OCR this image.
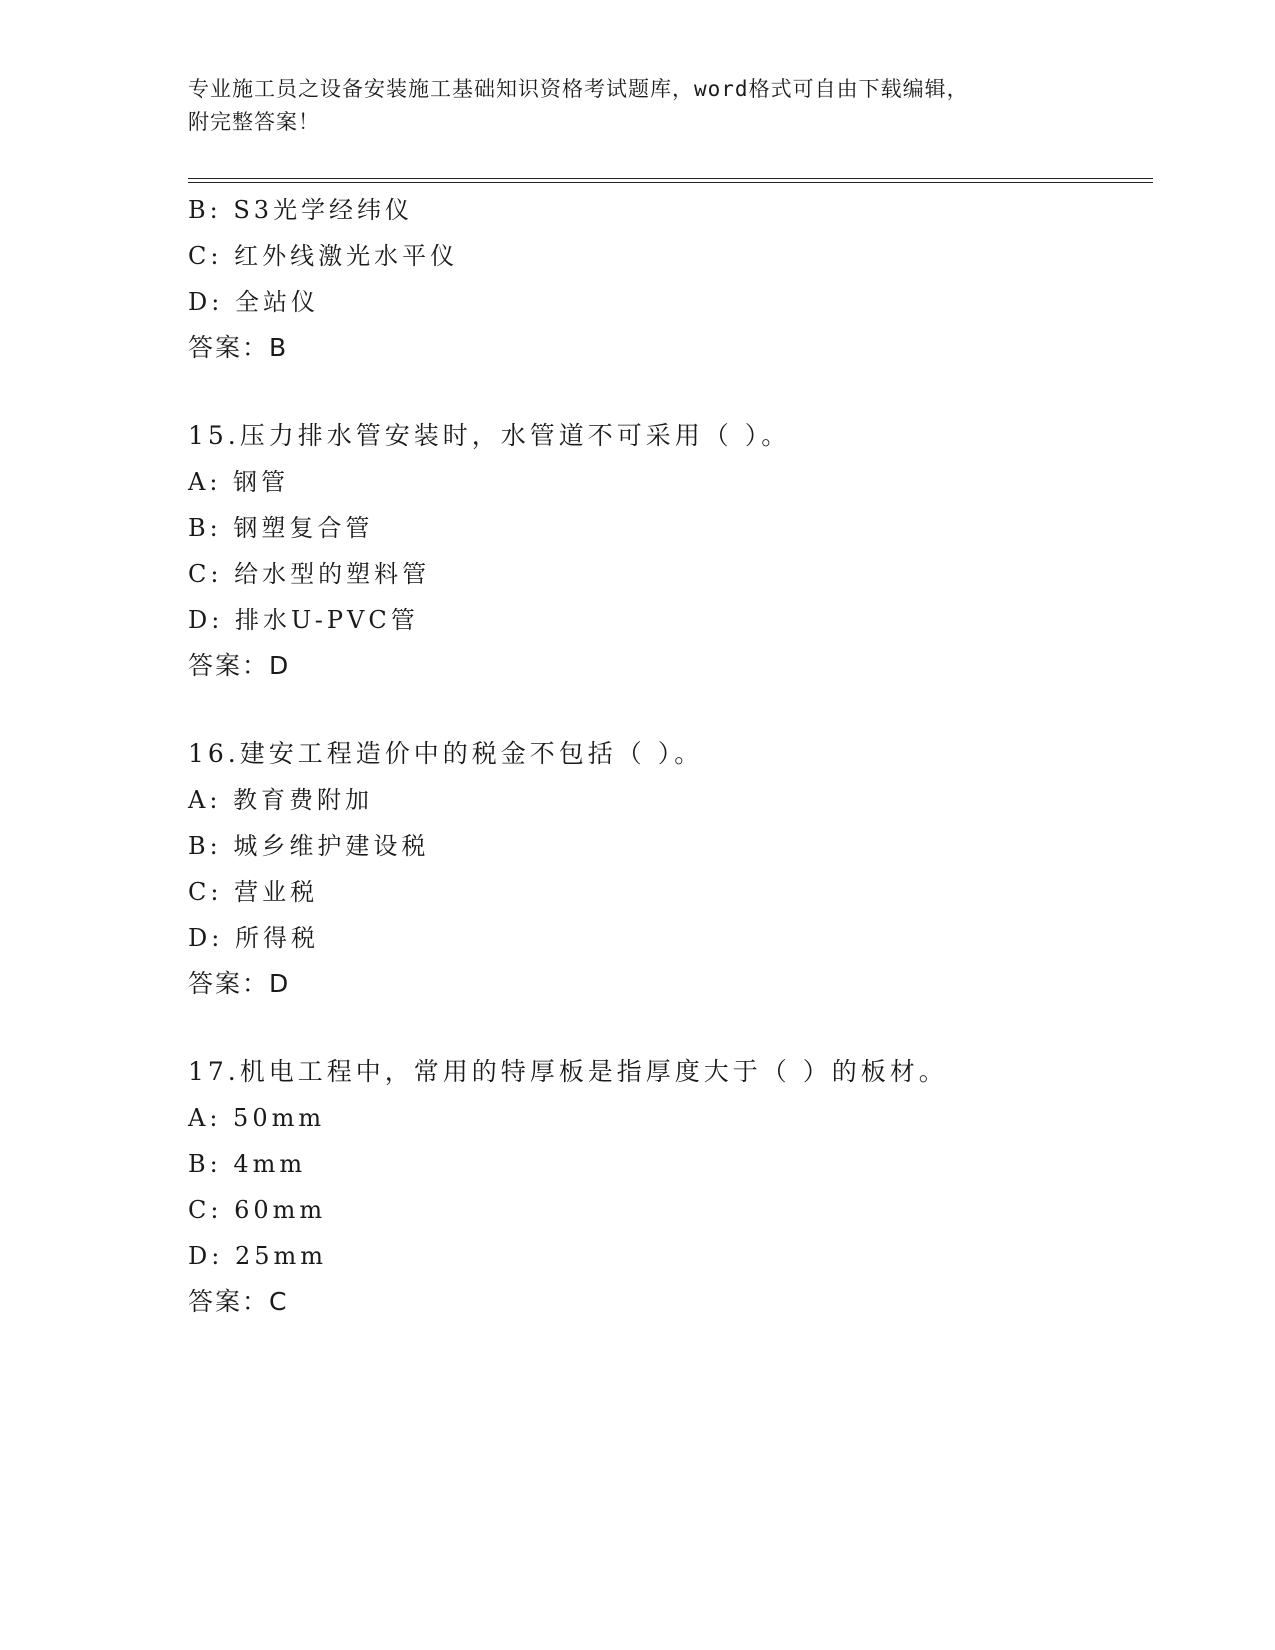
专业施工员之设备安装施工基础知识资格考试题库，word格式可自由下载编辑，
附完整答案！
B: S3光学经纬仪
C: 红外线激光水平仪
D: 全站仪
答案：B
15.压力排水管安装时，水管道不可采用（ ）。
A: 钢管
B: 钢塑复合管
C: 给水型的塑料管
D: 排水U-PVC管
答案：D
16.建安工程造价中的税金不包括（ ）。
A: 教育费附加
B: 城乡维护建设税
C: 营业税
D: 所得税
答案：D
17.机电工程中，常用的特厚板是指厚度大于（ ）的板材。
A: 50mm
B: 4mm
C: 60mm
D: 25mm
答案：C
